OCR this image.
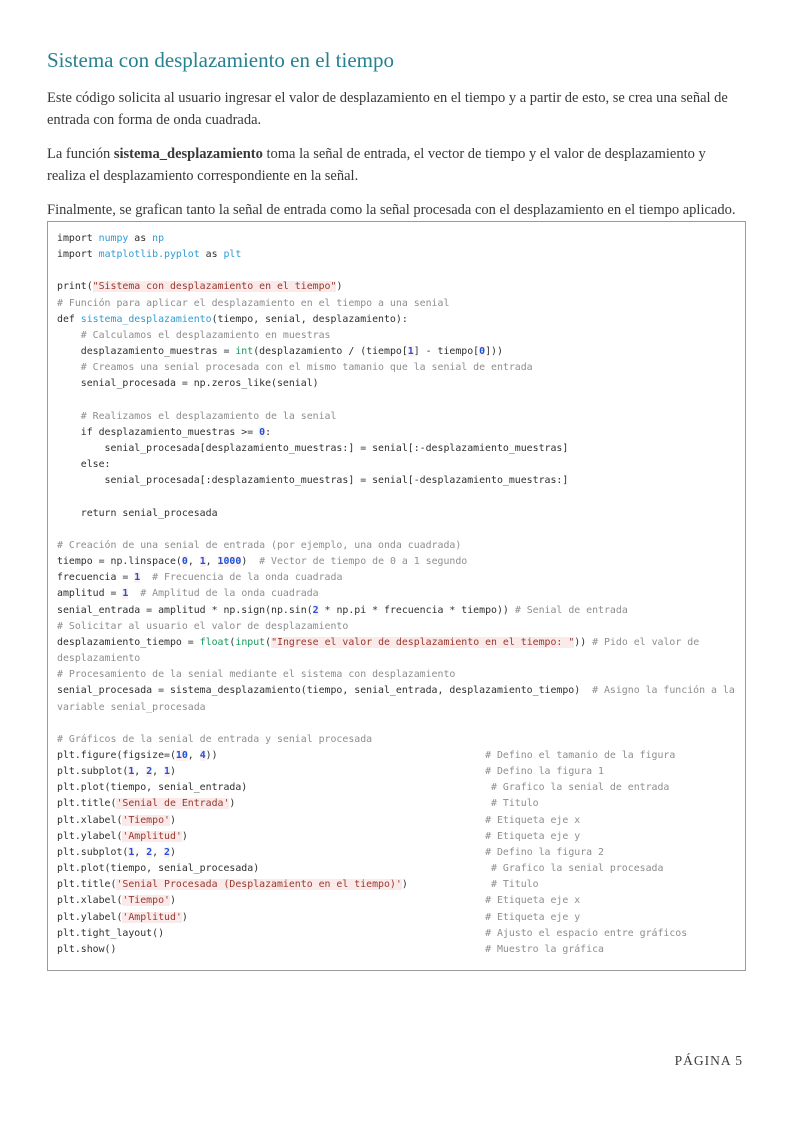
Sistema con desplazamiento en el tiempo

Este código solicita al usuario ingresar el valor de desplazamiento en el tiempo y a partir de esto, se crea una señal de entrada con forma de onda cuadrada.

La función sistema_desplazamiento toma la señal de entrada, el vector de tiempo y el valor de desplazamiento y realiza el desplazamiento correspondiente en la señal.

Finalmente, se grafican tanto la señal de entrada como la señal procesada con el desplazamiento en el tiempo aplicado.

import numpy as np
import matplotlib.pyplot as plt

print("Sistema con desplazamiento en el tiempo")
# Función para aplicar el desplazamiento en el tiempo a una senial
def sistema_desplazamiento(tiempo, senial, desplazamiento):
# Calculamos el desplazamiento en muestras
desplazamiento_muestras = int(desplazamiento / (tiempo[1] - tiempo[0]))
# Creamos una senial procesada con el mismo tamanio que la senial de entrada
senial_procesada = np.zeros_like(senial)

# Realizamos el desplazamiento de la senial
if desplazamiento_muestras >= 0:
senial_procesada[desplazamiento_muestras:] = senial[:-desplazamiento_muestras]
else:
senial_procesada[:desplazamiento_muestras] = senial[-desplazamiento_muestras:]

return senial_procesada

# Creación de una senial de entrada (por ejemplo, una onda cuadrada)
tiempo = np.linspace(0, 1, 1000)  # Vector de tiempo de 0 a 1 segundo
frecuencia = 1 # Frecuencia de la onda cuadrada
amplitud = 1 # Amplitud de la onda cuadrada
senial_entrada = amplitud * np.sign(np.sin(2 * np.pi * frecuencia * tiempo)) # Senial de entrada
# Solicitar al usuario el valor de desplazamiento
desplazamiento_tiempo = float(input("Ingrese el valor de desplazamiento en el tiempo: ")) # Pido el valor de
desplazamiento
# Procesamiento de la senial mediante el sistema con desplazamiento
senial_procesada = sistema_desplazamiento(tiempo, senial_entrada, desplazamiento_tiempo)  # Asigno la función a la
variable senial_procesada

# Gráficos de la senial de entrada y senial procesada
plt.figure(figsize=(10, 4))	# Defino el tamanio de la figura
plt.subplot(1, 2, 1)	# Defino la figura 1
plt.plot(tiempo, senial_entrada)	# Grafico la senial de entrada
plt.title('Senial de Entrada')	# Titulo
plt.xlabel('Tiempo')	# Etiqueta eje x
plt.ylabel('Amplitud')	# Etiqueta eje y
plt.subplot(1, 2, 2)	# Defino la figura 2
plt.plot(tiempo, senial_procesada)	# Grafico la senial procesada
plt.title('Senial Procesada (Desplazamiento en el tiempo)')	# Titulo
plt.xlabel('Tiempo')	# Etiqueta eje x
plt.ylabel('Amplitud')	# Etiqueta eje y
plt.tight_layout()	# Ajusto el espacio entre gráficos
plt.show()	# Muestro la gráfica
PÁGINA 5
